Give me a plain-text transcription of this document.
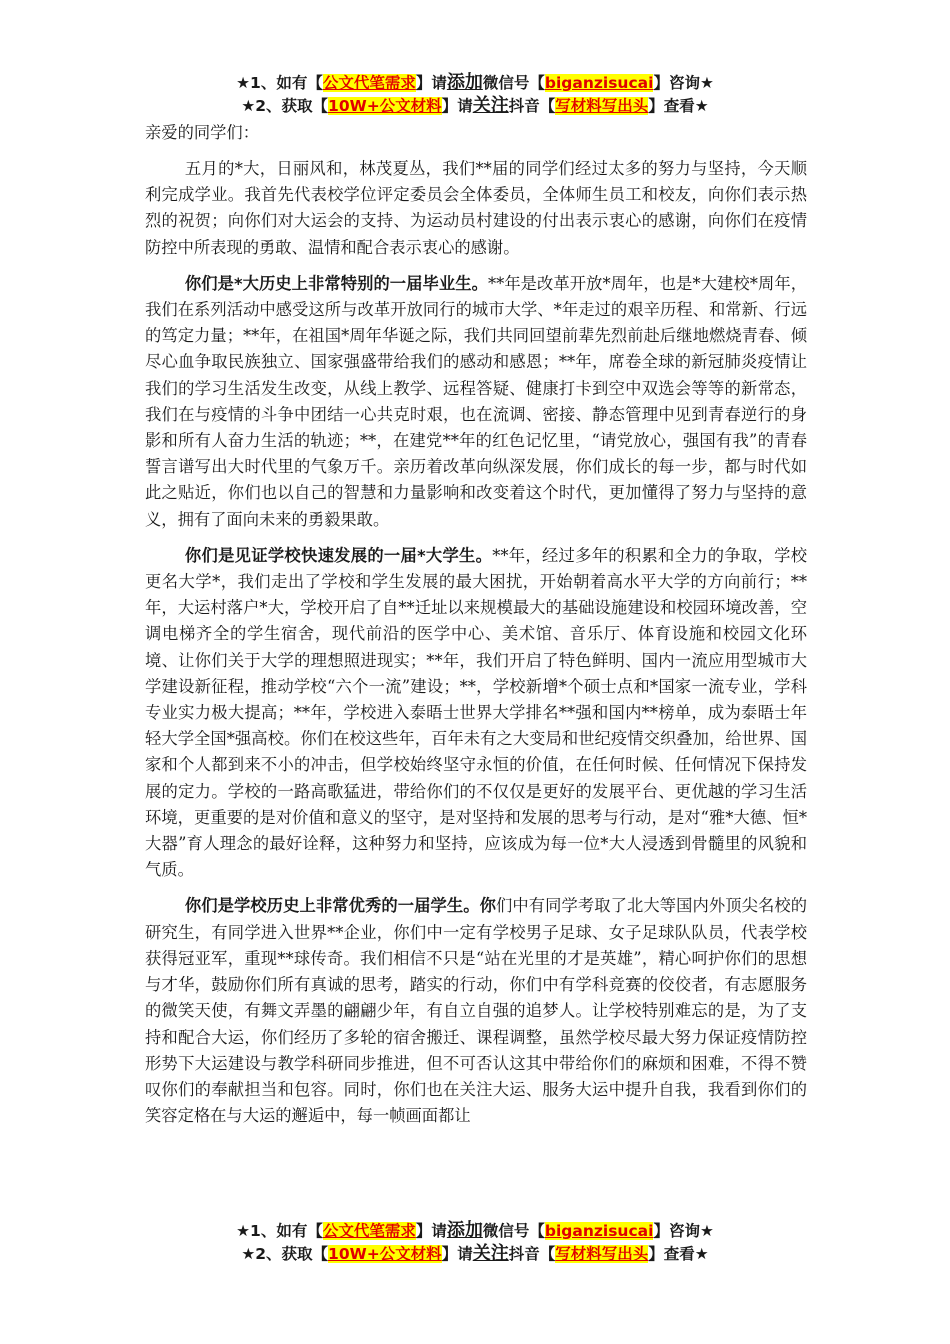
★1、如有【公文代笔需求】请添加微信号【biganzisucai】咨询★
★2、获取【10W+公文材料】请关注抖音【写材料写出头】查看★

亲爱的同学们：

五月的*大，日丽风和，林茂夏丛，我们**届的同学们经过太多的努力与坚持，今天顺利完成学业。我首先代表校学位评定委员会全体委员，全体师生员工和校友，向你们表示热烈的祝贺；向你们对大运会的支持、为运动员村建设的付出表示衷心的感谢，向你们在疫情防控中所表现的勇敢、温情和配合表示衷心的感谢。

你们是*大历史上非常特别的一届毕业生。**年是改革开放*周年，也是*大建校*周年，我们在系列活动中感受这所与改革开放同行的城市大学、*年走过的艰辛历程、和常新、行远的笃定力量；**年，在祖国*周年华诞之际，我们共同回望前辈先烈前赴后继地燃烧青春、倾尽心血争取民族独立、国家强盛带给我们的感动和感恩；**年，席卷全球的新冠肺炎疫情让我们的学习生活发生改变，从线上教学、远程答疑、健康打卡到空中双选会等等的新常态，我们在与疫情的斗争中团结一心共克时艰，也在流调、密接、静态管理中见到青春逆行的身影和所有人奋力生活的轨迹；**，在建党**年的红色记忆里，“请党放心，强国有我”的青春誓言谱写出大时代里的气象万千。亲历着改革向纵深发展，你们成长的每一步，都与时代如此之贴近，你们也以自己的智慧和力量影响和改变着这个时代，更加懂得了努力与坚持的意义，拥有了面向未来的勇毅果敢。

你们是见证学校快速发展的一届*大学生。**年，经过多年的积累和全力的争取，学校更名大学*，我们走出了学校和学生发展的最大困扰，开始朝着高水平大学的方向前行；**年，大运村落户*大，学校开启了自**迁址以来规模最大的基础设施建设和校园环境改善，空调电梯齐全的学生宿舍，现代前沿的医学中心、美术馆、音乐厅、体育设施和校园文化环境、让你们关于大学的理想照进现实；**年，我们开启了特色鲜明、国内一流应用型城市大学建设新征程，推动学校“六个一流”建设；**，学校新增*个硕士点和*国家一流专业，学科专业实力极大提高；**年，学校进入泰晤士世界大学排名**强和国内**榜单，成为泰晤士年轻大学全国*强高校。你们在校这些年，百年未有之大变局和世纪疫情交织叠加，给世界、国家和个人都到来不小的冲击，但学校始终坚守永恒的价值，在任何时候、任何情况下保持发展的定力。学校的一路高歌猛进，带给你们的不仅仅是更好的发展平台、更优越的学习生活环境，更重要的是对价值和意义的坚守，是对坚持和发展的思考与行动，是对“雅*大德、恒*大器”育人理念的最好诠释，这种努力和坚持，应该成为每一位*大人浸透到骨髓里的风貌和气质。

你们是学校历史上非常优秀的一届学生。你们中有同学考取了北大等国内外顶尖名校的研究生，有同学进入世界**企业，你们中一定有学校男子足球、女子足球队队员，代表学校获得冠亚军，重现**球传奇。我们相信不只是“站在光里的才是英雄”，精心呵护你们的思想与才华，鼓励你们所有真诚的思考，踏实的行动，你们中有学科竞赛的佼佼者，有志愿服务的微笑天使，有舞文弄墨的翩翩少年，有自立自强的追梦人。让学校特别难忘的是，为了支持和配合大运，你们经历了多轮的宿舍搬迁、课程调整，虽然学校尽最大努力保证疫情防控形势下大运建设与教学科研同步推进，但不可否认这其中带给你们的麻烦和困难，不得不赞叹你们的奉献担当和包容。同时，你们也在关注大运、服务大运中提升自我，我看到你们的笑容定格在与大运的邂逅中，每一帧画面都让

★1、如有【公文代笔需求】请添加微信号【biganzisucai】咨询★
★2、获取【10W+公文材料】请关注抖音【写材料写出头】查看★
